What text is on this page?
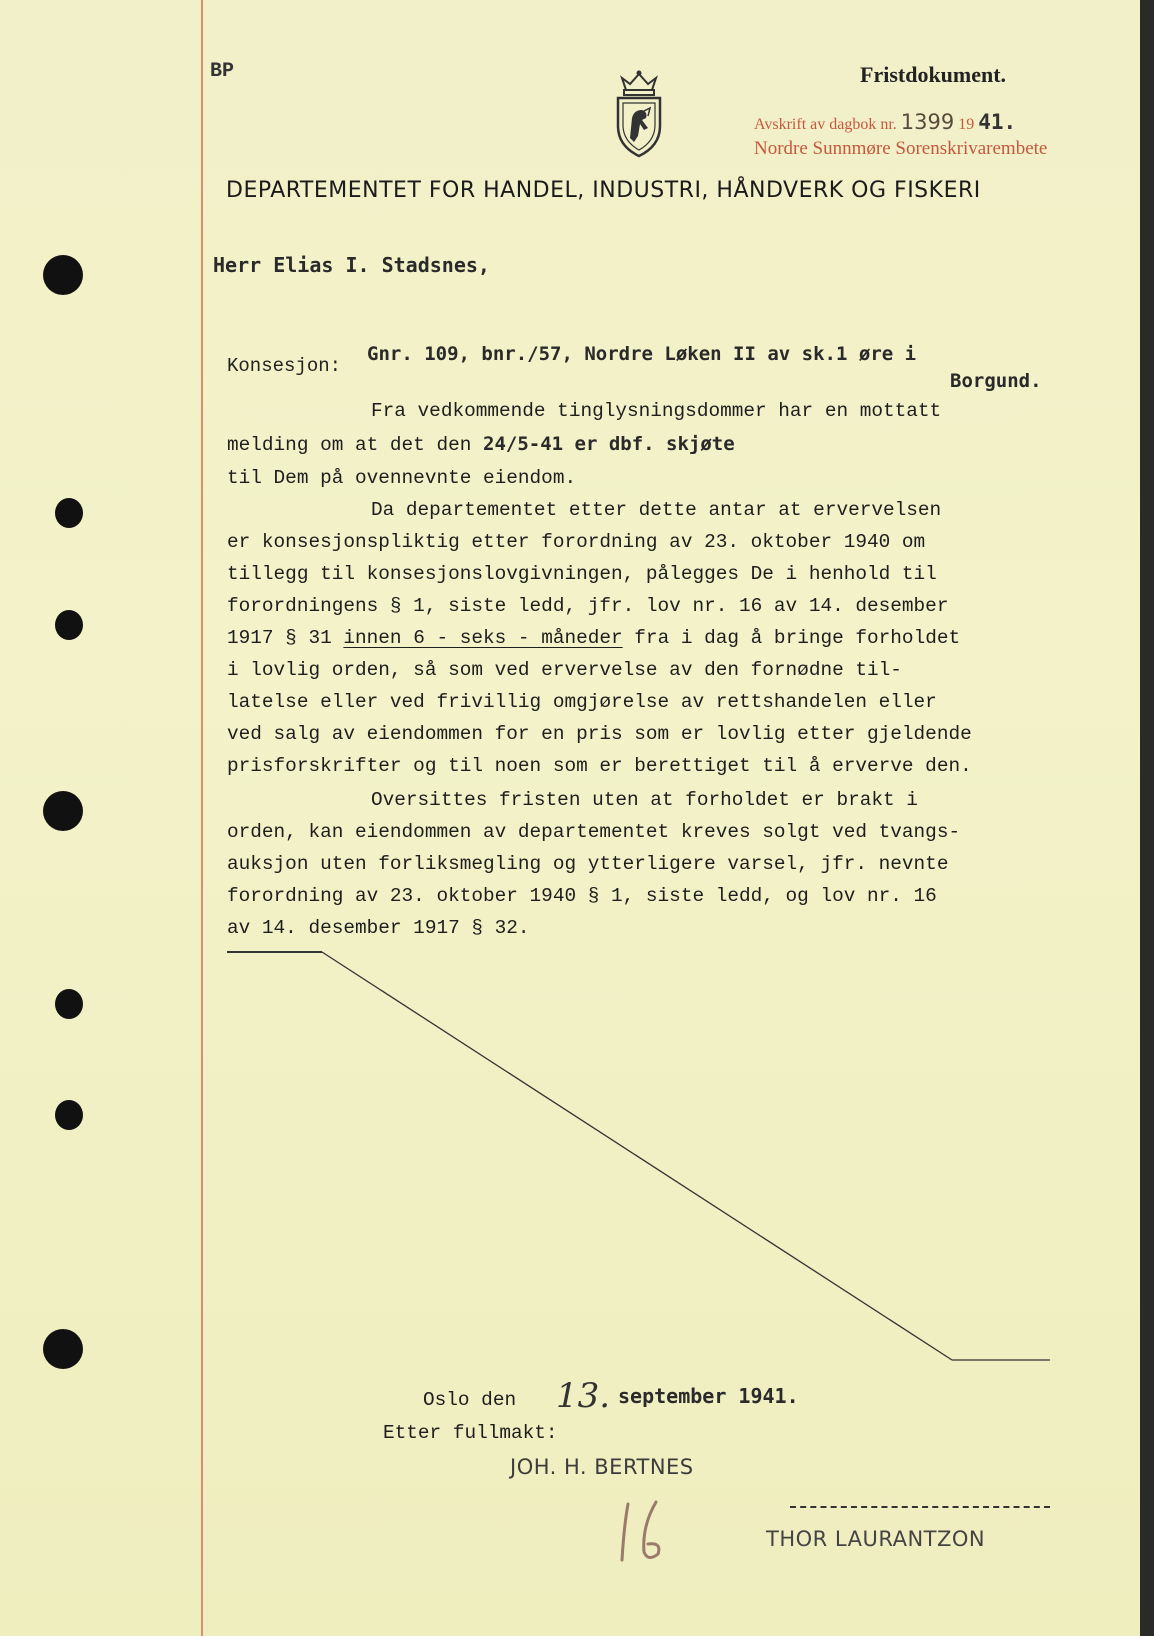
BP	Fristdokument.
Avskrift av dagbok nr. 1399 19 41.
Nordre Sunnmøre Sorenskrivarembete
DEPARTEMENTET FOR HANDEL, INDUSTRI, HÅNDVERK OG FISKERI
Herr Elias I. Stadsnes,
Konsesjon:
Gnr. 109, bnr./57, Nordre Løken II av sk.1 øre i
Borgund.
Fra vedkommende tinglysningsdommer har en mottatt
melding om at det den 24/5-41 er dbf. skjøte
til Dem på ovennevnte eiendom.
Da departementet etter dette antar at ervervelsen
er konsesjonspliktig etter forordning av 23. oktober 1940 om
tillegg til konsesjonslovgivningen, pålegges De i henhold til
forordningens § 1, siste ledd, jfr. lov nr. 16 av 14. desember
1917 § 31 innen 6 - seks - måneder fra i dag å bringe forholdet
i lovlig orden, så som ved ervervelse av den fornødne til-
latelse eller ved frivillig omgjørelse av rettshandelen eller
ved salg av eiendommen for en pris som er lovlig etter gjeldende
prisforskrifter og til noen som er berettiget til å erverve den.
Oversittes fristen uten at forholdet er brakt i
orden, kan eiendommen av departementet kreves solgt ved tvangs-
auksjon uten forliksmegling og ytterligere varsel, jfr. nevnte
forordning av 23. oktober 1940 § 1, siste ledd, og lov nr. 16
av 14. desember 1917 § 32.
Oslo den 13. september 1941.
Etter fullmakt:
JOH. H. BERTNES
THOR LAURANTZON
